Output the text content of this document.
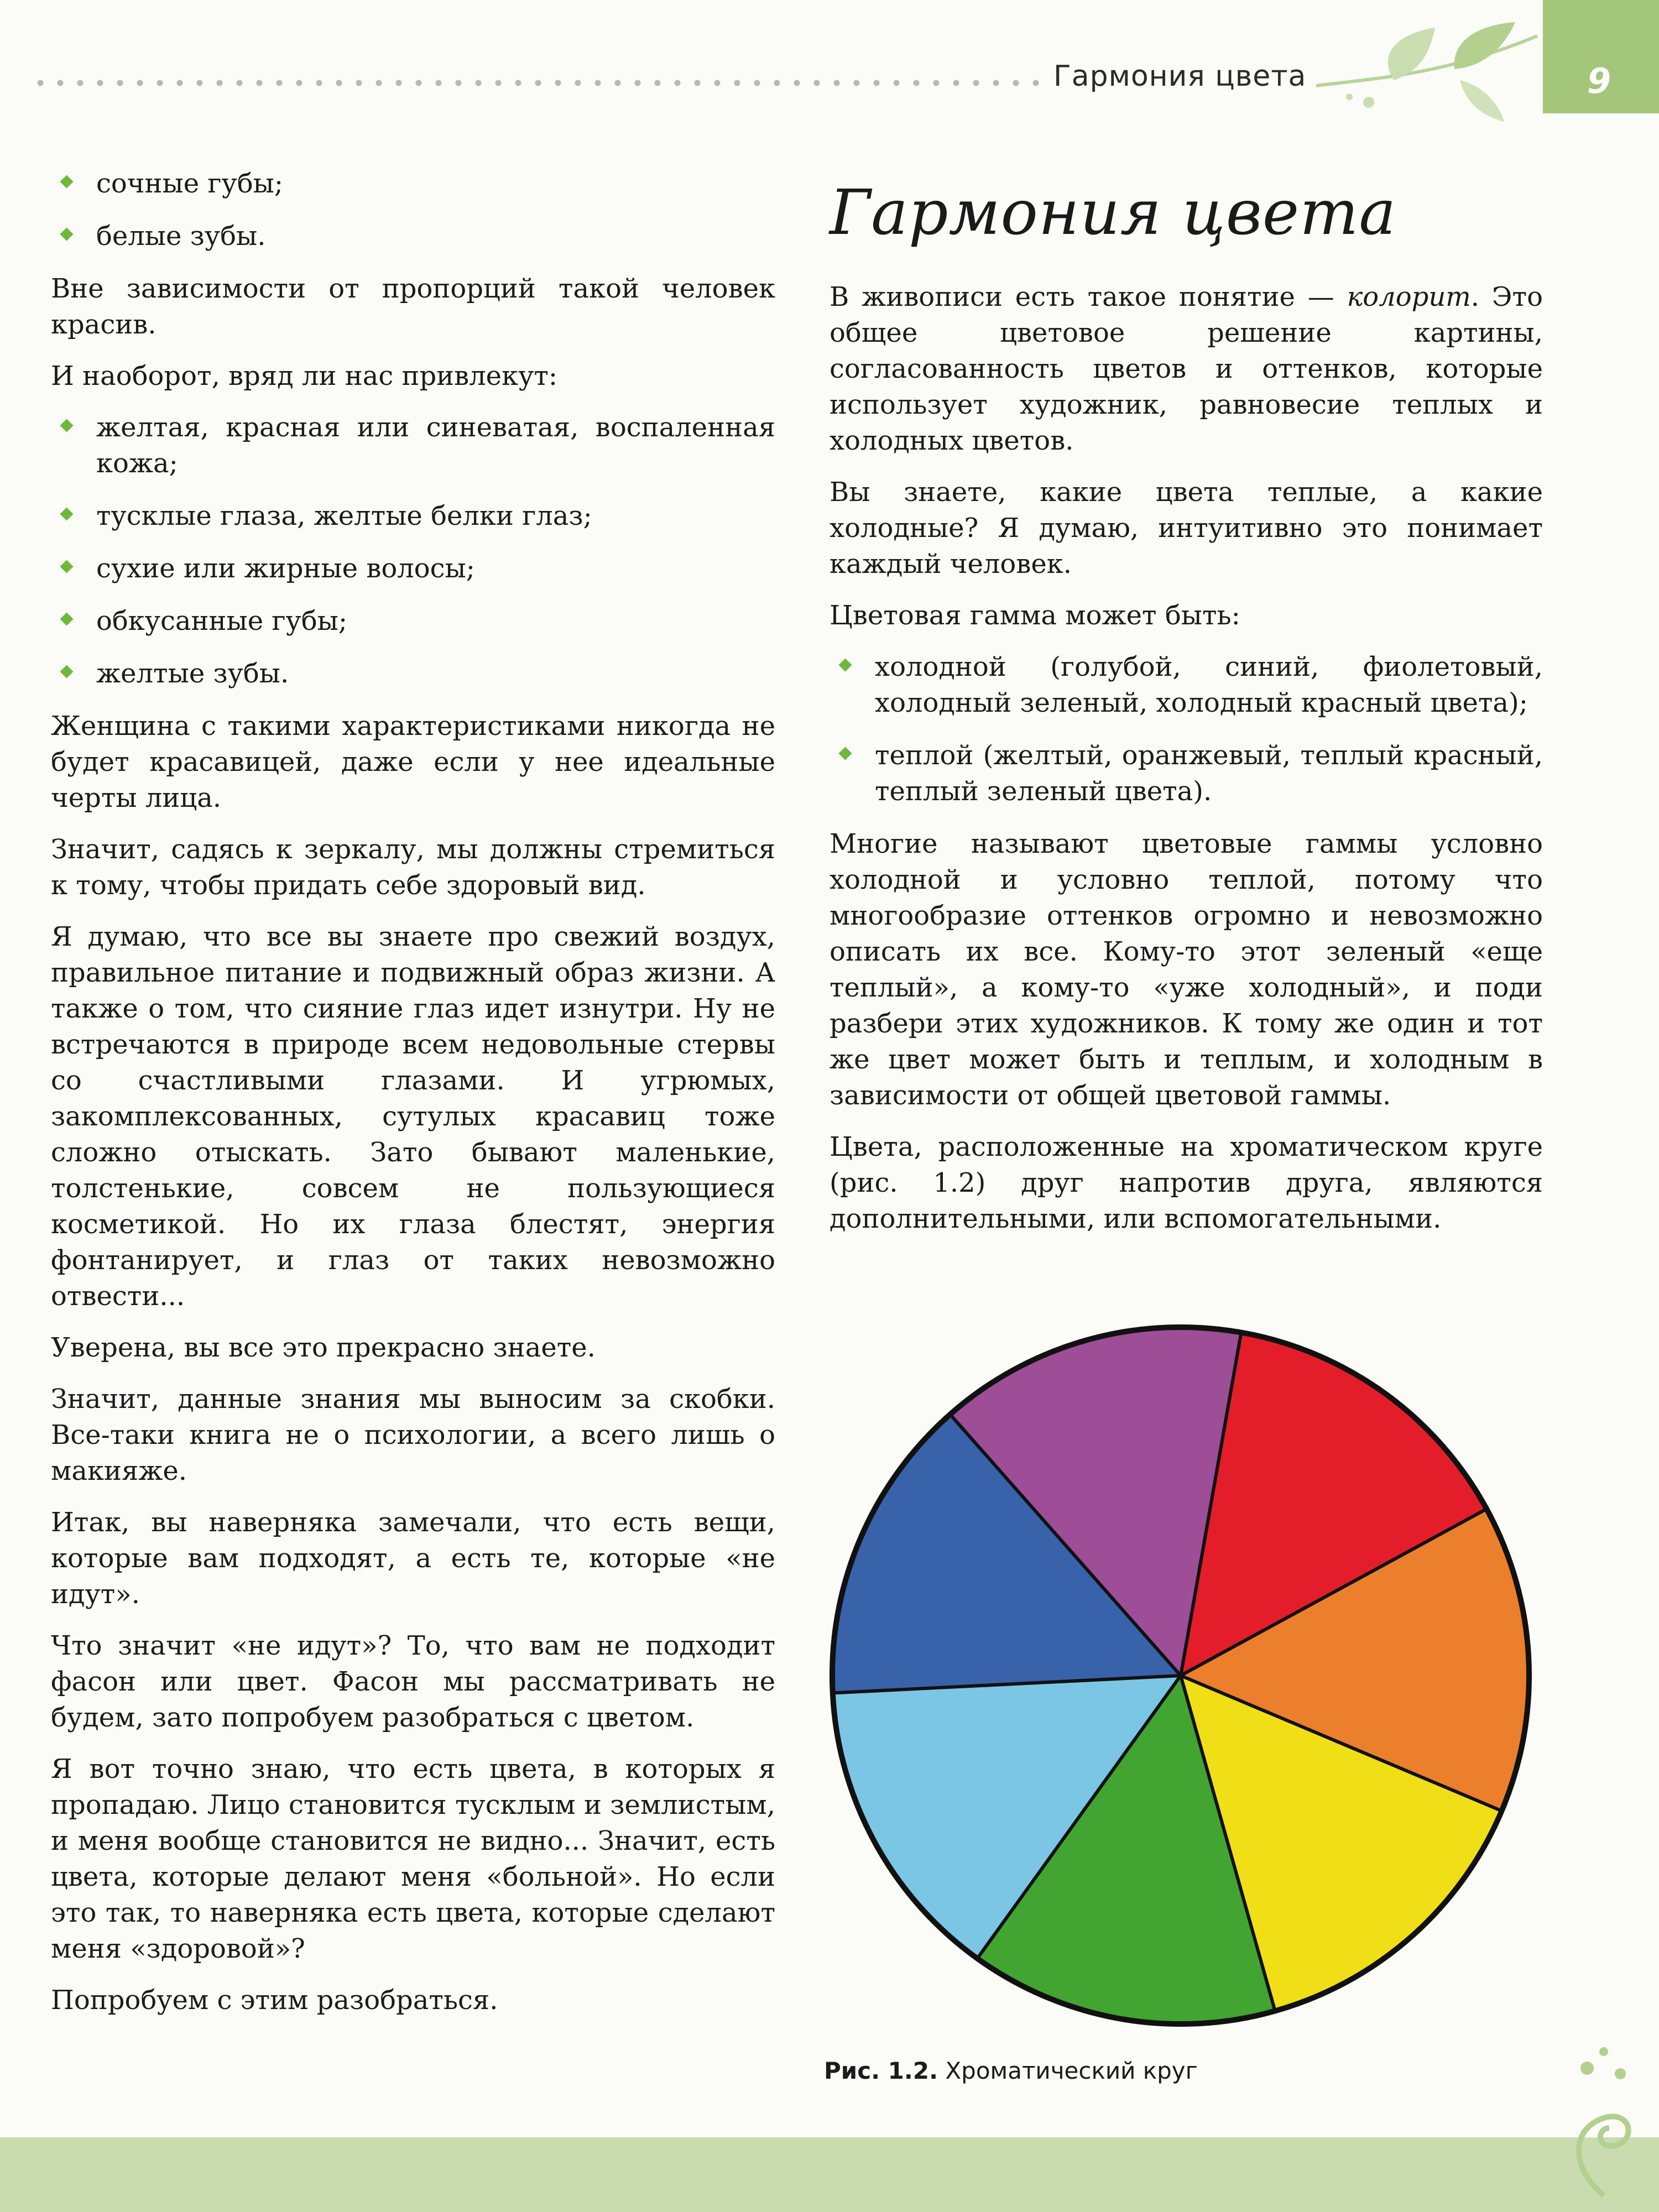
Гармония цвета	9
сочные губы;
белые зубы.

Вне зависимости от пропорций такой человек красив.

И наоборот, вряд ли нас привлекут:

желтая, красная или синеватая, воспаленная кожа;
тусклые глаза, желтые белки глаз;
сухие или жирные волосы;
обкусанные губы;
желтые зубы.

Женщина с такими характеристиками никогда не будет красавицей, даже если у нее идеальные черты лица.

Значит, садясь к зеркалу, мы должны стремиться к тому, чтобы придать себе здоровый вид.

Я думаю, что все вы знаете про свежий воздух, правильное питание и подвижный образ жизни. А также о том, что сияние глаз идет изнутри. Ну не встречаются в природе всем недовольные стервы со счастливыми глазами. И угрюмых, закомплексованных, сутулых красавиц тоже сложно отыскать. Зато бывают маленькие, толстенькие, совсем не пользующиеся косметикой. Но их глаза блестят, энергия фонтанирует, и глаз от таких невозможно отвести...

Уверена, вы все это прекрасно знаете.

Значит, данные знания мы выносим за скобки. Все-таки книга не о психологии, а всего лишь о макияже.

Итак, вы наверняка замечали, что есть вещи, которые вам подходят, а есть те, которые «не идут».

Что значит «не идут»? То, что вам не подходит фасон или цвет. Фасон мы рассматривать не будем, зато попробуем разобраться с цветом.

Я вот точно знаю, что есть цвета, в которых я пропадаю. Лицо становится тусклым и землистым, и меня вообще становится не видно... Значит, есть цвета, которые делают меня «больной». Но если это так, то наверняка есть цвета, которые сделают меня «здоровой»?

Попробуем с этим разобраться.

Гармония цвета

В живописи есть такое понятие — колорит. Это общее цветовое решение картины, согласованность цветов и оттенков, которые использует художник, равновесие теплых и холодных цветов.

Вы знаете, какие цвета теплые, а какие холодные? Я думаю, интуитивно это понимает каждый человек.

Цветовая гамма может быть:

холодной (голубой, синий, фиолетовый, холодный зеленый, холодный красный цвета);
теплой (желтый, оранжевый, теплый красный, теплый зеленый цвета).

Многие называют цветовые гаммы условно холодной и условно теплой, потому что многообразие оттенков огромно и невозможно описать их все. Кому-то этот зеленый «еще теплый», а кому-то «уже холодный», и поди разбери этих художников. К тому же один и тот же цвет может быть и теплым, и холодным в зависимости от общей цветовой гаммы.

Цвета, расположенные на хроматическом круге (рис. 1.2) друг напротив друга, являются дополнительными, или вспомогательными.

Рис. 1.2. Хроматический круг
